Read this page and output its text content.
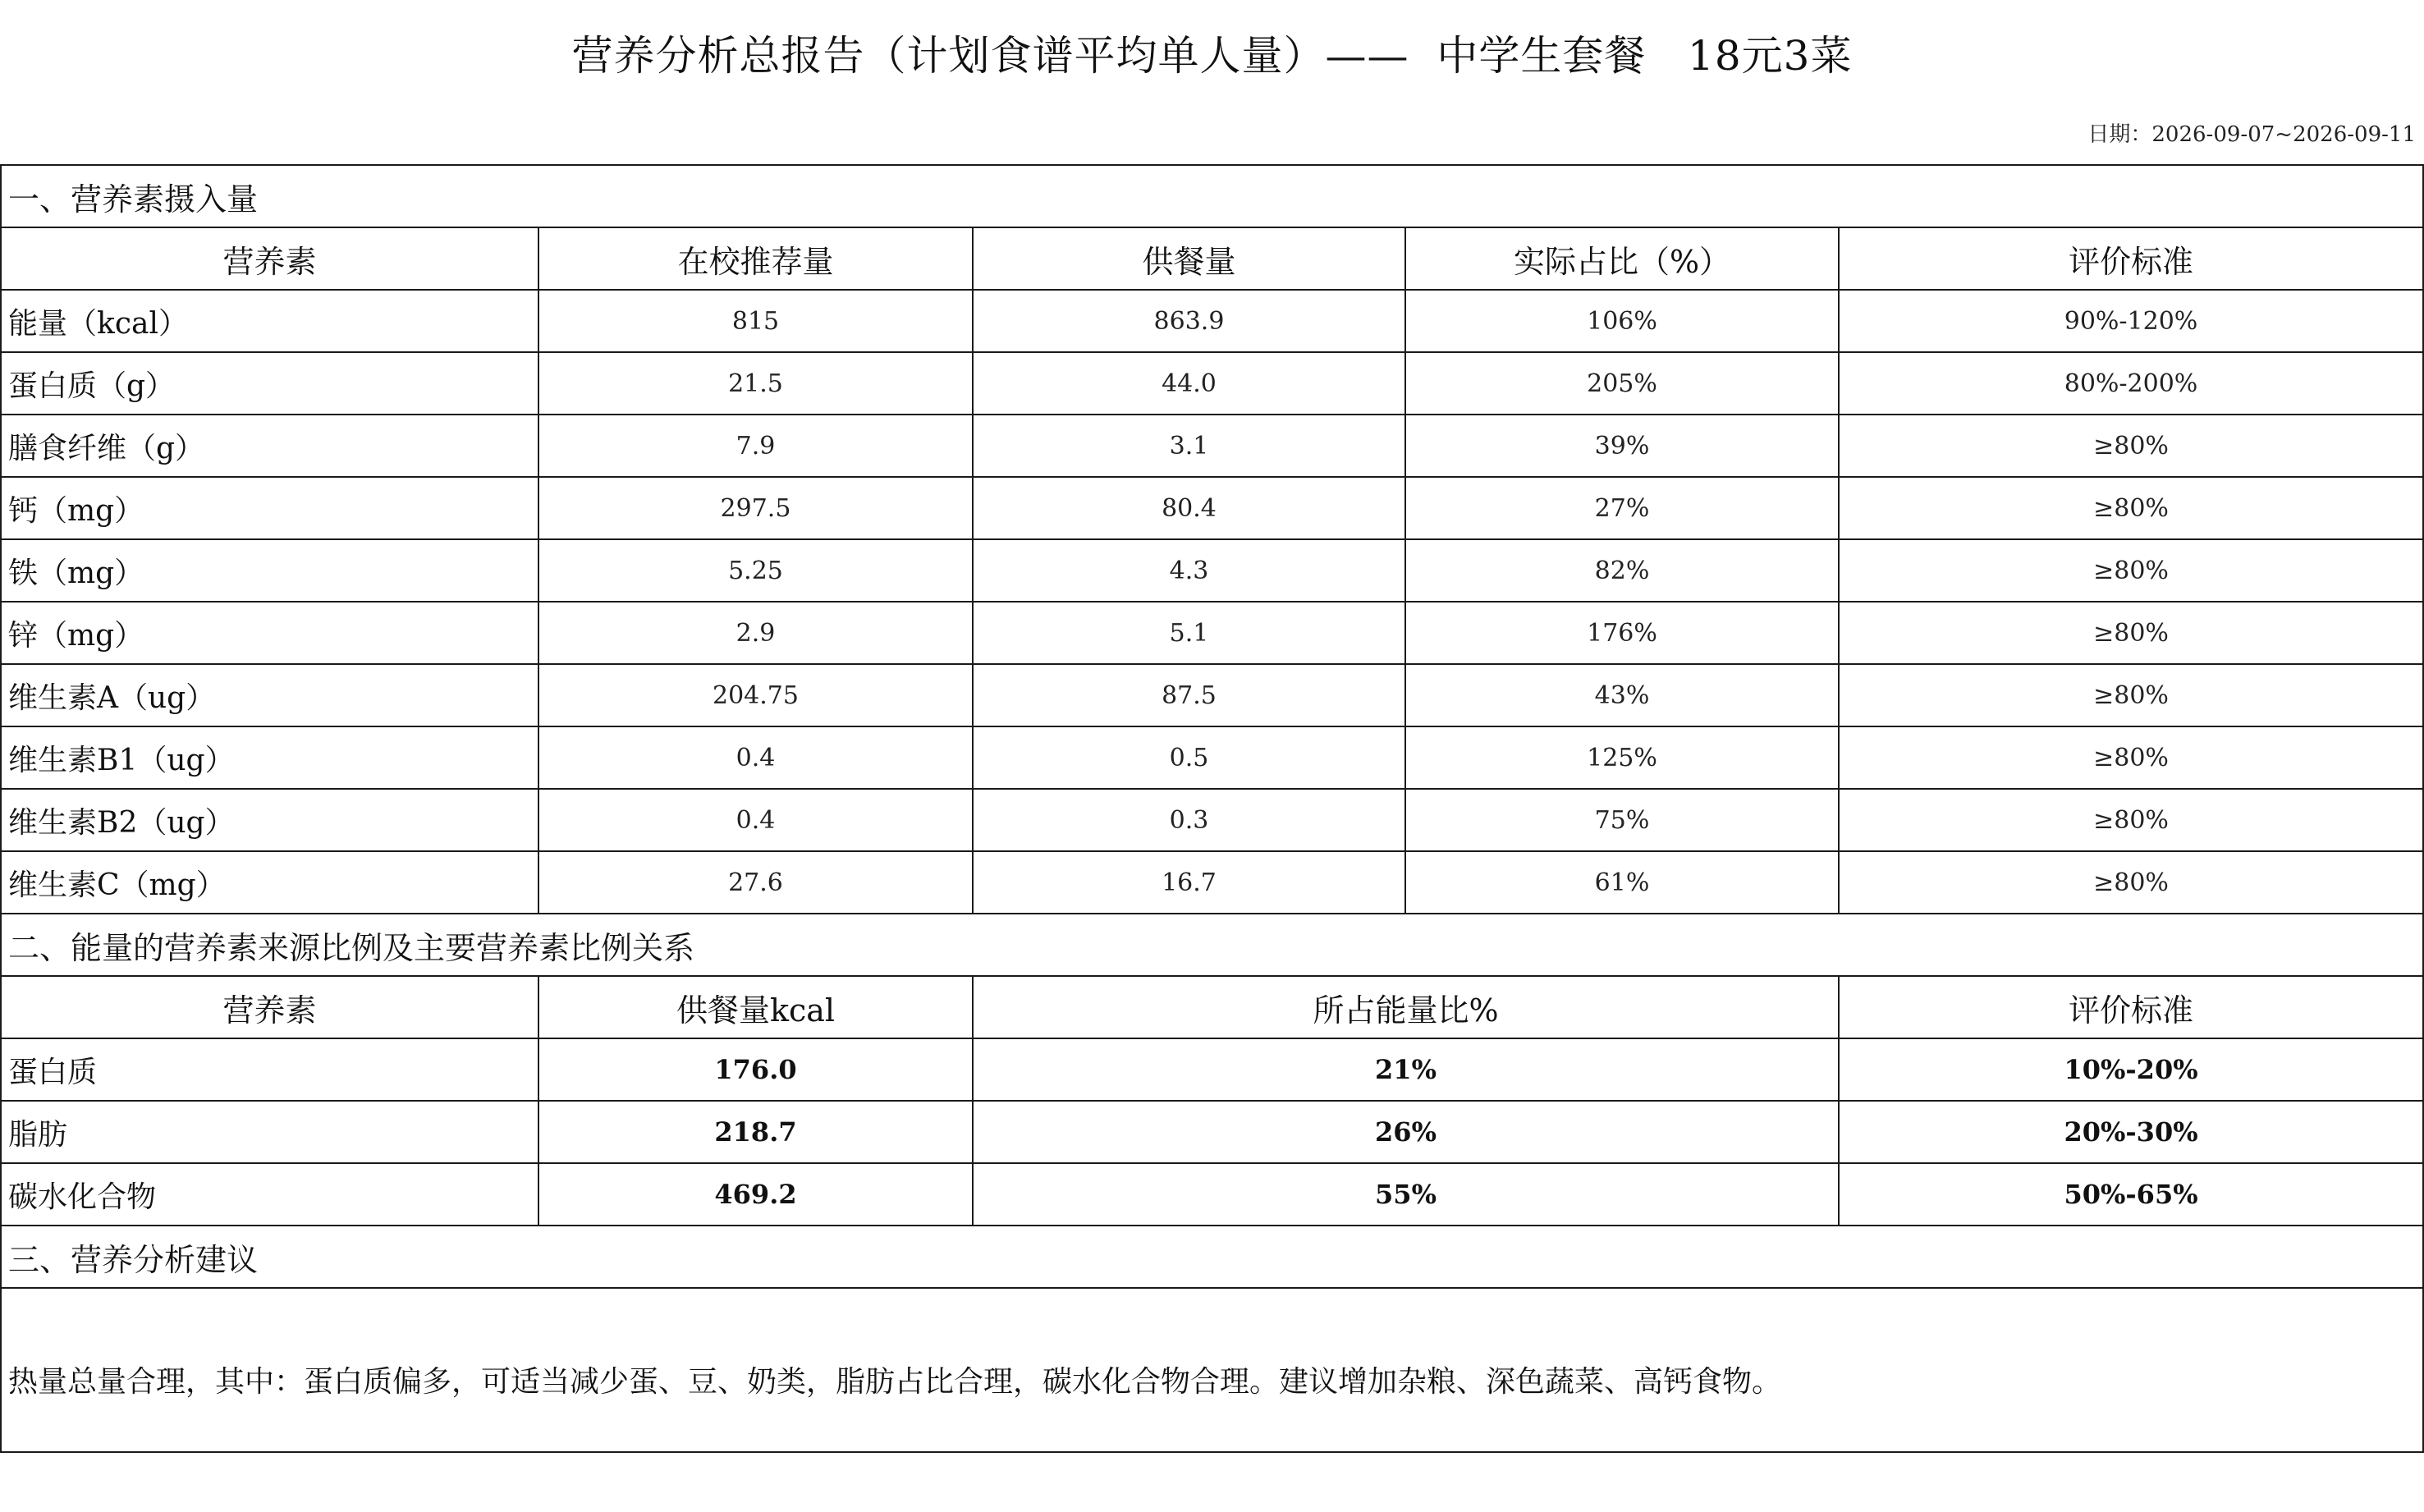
营养分析总报告（计划食谱平均单人量）——  中学生套餐   18元3菜
日期：2026-09-07~2026-09-11
一、营养素摄入量				
营养素	在校推荐量	供餐量	实际占比（%）	评价标准
能量（kcal）	815	863.9	106%	90%-120%
蛋白质（g）	21.5	44.0	205%	80%-200%
膳食纤维（g）	7.9	3.1	39%	≥80%
钙（mg）	297.5	80.4	27%	≥80%
铁（mg）	5.25	4.3	82%	≥80%
锌（mg）	2.9	5.1	176%	≥80%
维生素A（ug）	204.75	87.5	43%	≥80%
维生素B1（ug）	0.4	0.5	125%	≥80%
维生素B2（ug）	0.4	0.3	75%	≥80%
维生素C（mg）	27.6	16.7	61%	≥80%
二、能量的营养素来源比例及主要营养素比例关系				
营养素	供餐量kcal	所占能量比%		评价标准
蛋白质	176.0	21%		10%-20%
脂肪	218.7	26%		20%-30%
碳水化合物	469.2	55%		50%-65%
三、营养分析建议				
热量总量合理，其中：蛋白质偏多，可适当减少蛋、豆、奶类，脂肪占比合理，碳水化合物合理。建议增加杂粮、深色蔬菜、高钙食物。				
